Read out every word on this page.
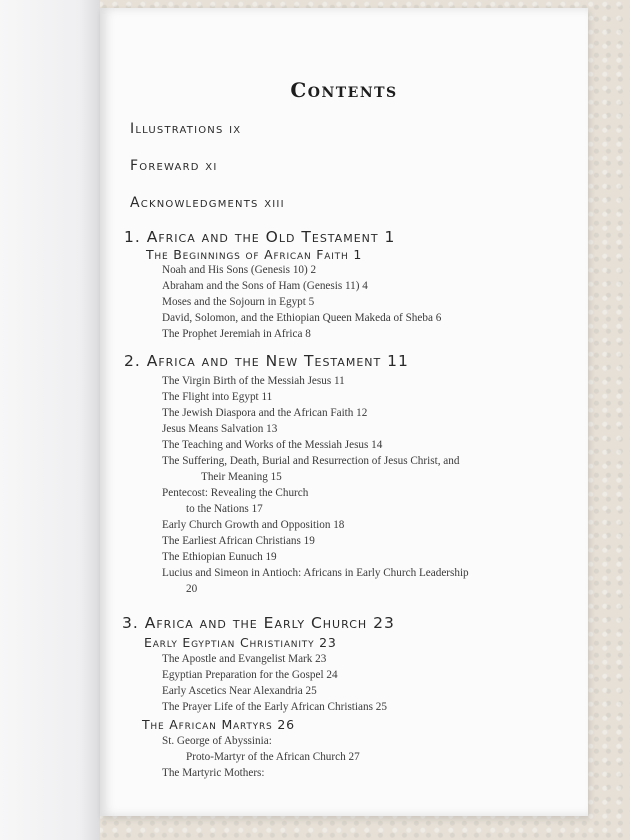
Contents
Illustrations ix
Foreward xi
Acknowledgments xiii
1. Africa and the Old Testament 1
The Beginnings of African Faith 1
Noah and His Sons (Genesis 10) 2
Abraham and the Sons of Ham (Genesis 11) 4
Moses and the Sojourn in Egypt 5
David, Solomon, and the Ethiopian Queen Makeda of Sheba 6
The Prophet Jeremiah in Africa 8
2. Africa and the New Testament 11
The Virgin Birth of the Messiah Jesus 11
The Flight into Egypt 11
The Jewish Diaspora and the African Faith 12
Jesus Means Salvation 13
The Teaching and Works of the Messiah Jesus 14
The Suffering, Death, Burial and Resurrection of Jesus Christ, and
Their Meaning 15
Pentecost: Revealing the Church
to the Nations 17
Early Church Growth and Opposition 18
The Earliest African Christians 19
The Ethiopian Eunuch 19
Lucius and Simeon in Antioch: Africans in Early Church Leadership
20
3. Africa and the Early Church 23
Early Egyptian Christianity 23
The Apostle and Evangelist Mark 23
Egyptian Preparation for the Gospel 24
Early Ascetics Near Alexandria 25
The Prayer Life of the Early African Christians 25
The African Martyrs 26
St. George of Abyssinia:
Proto-Martyr of the African Church 27
The Martyric Mothers:
